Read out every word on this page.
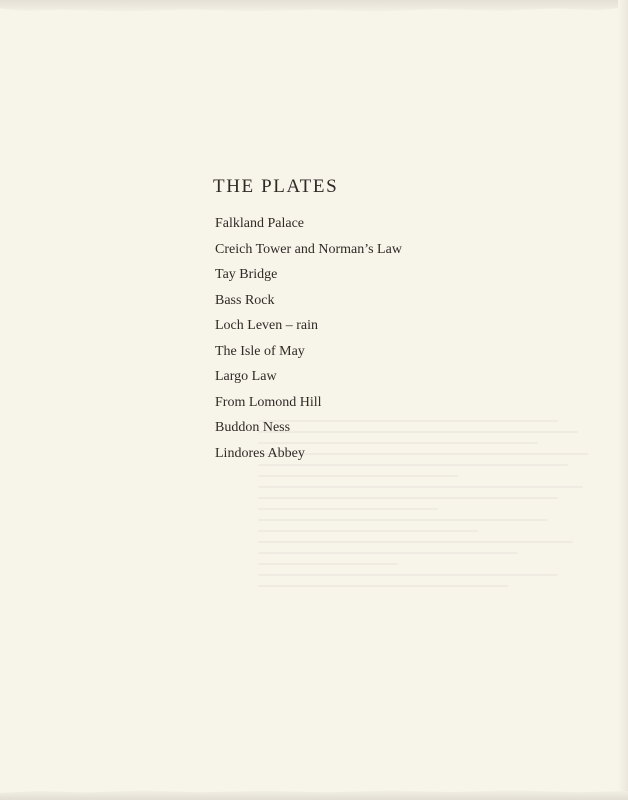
THE PLATES
Falkland Palace
Creich Tower and Norman’s Law
Tay Bridge
Bass Rock
Loch Leven – rain
The Isle of May
Largo Law
From Lomond Hill
Buddon Ness
Lindores Abbey
